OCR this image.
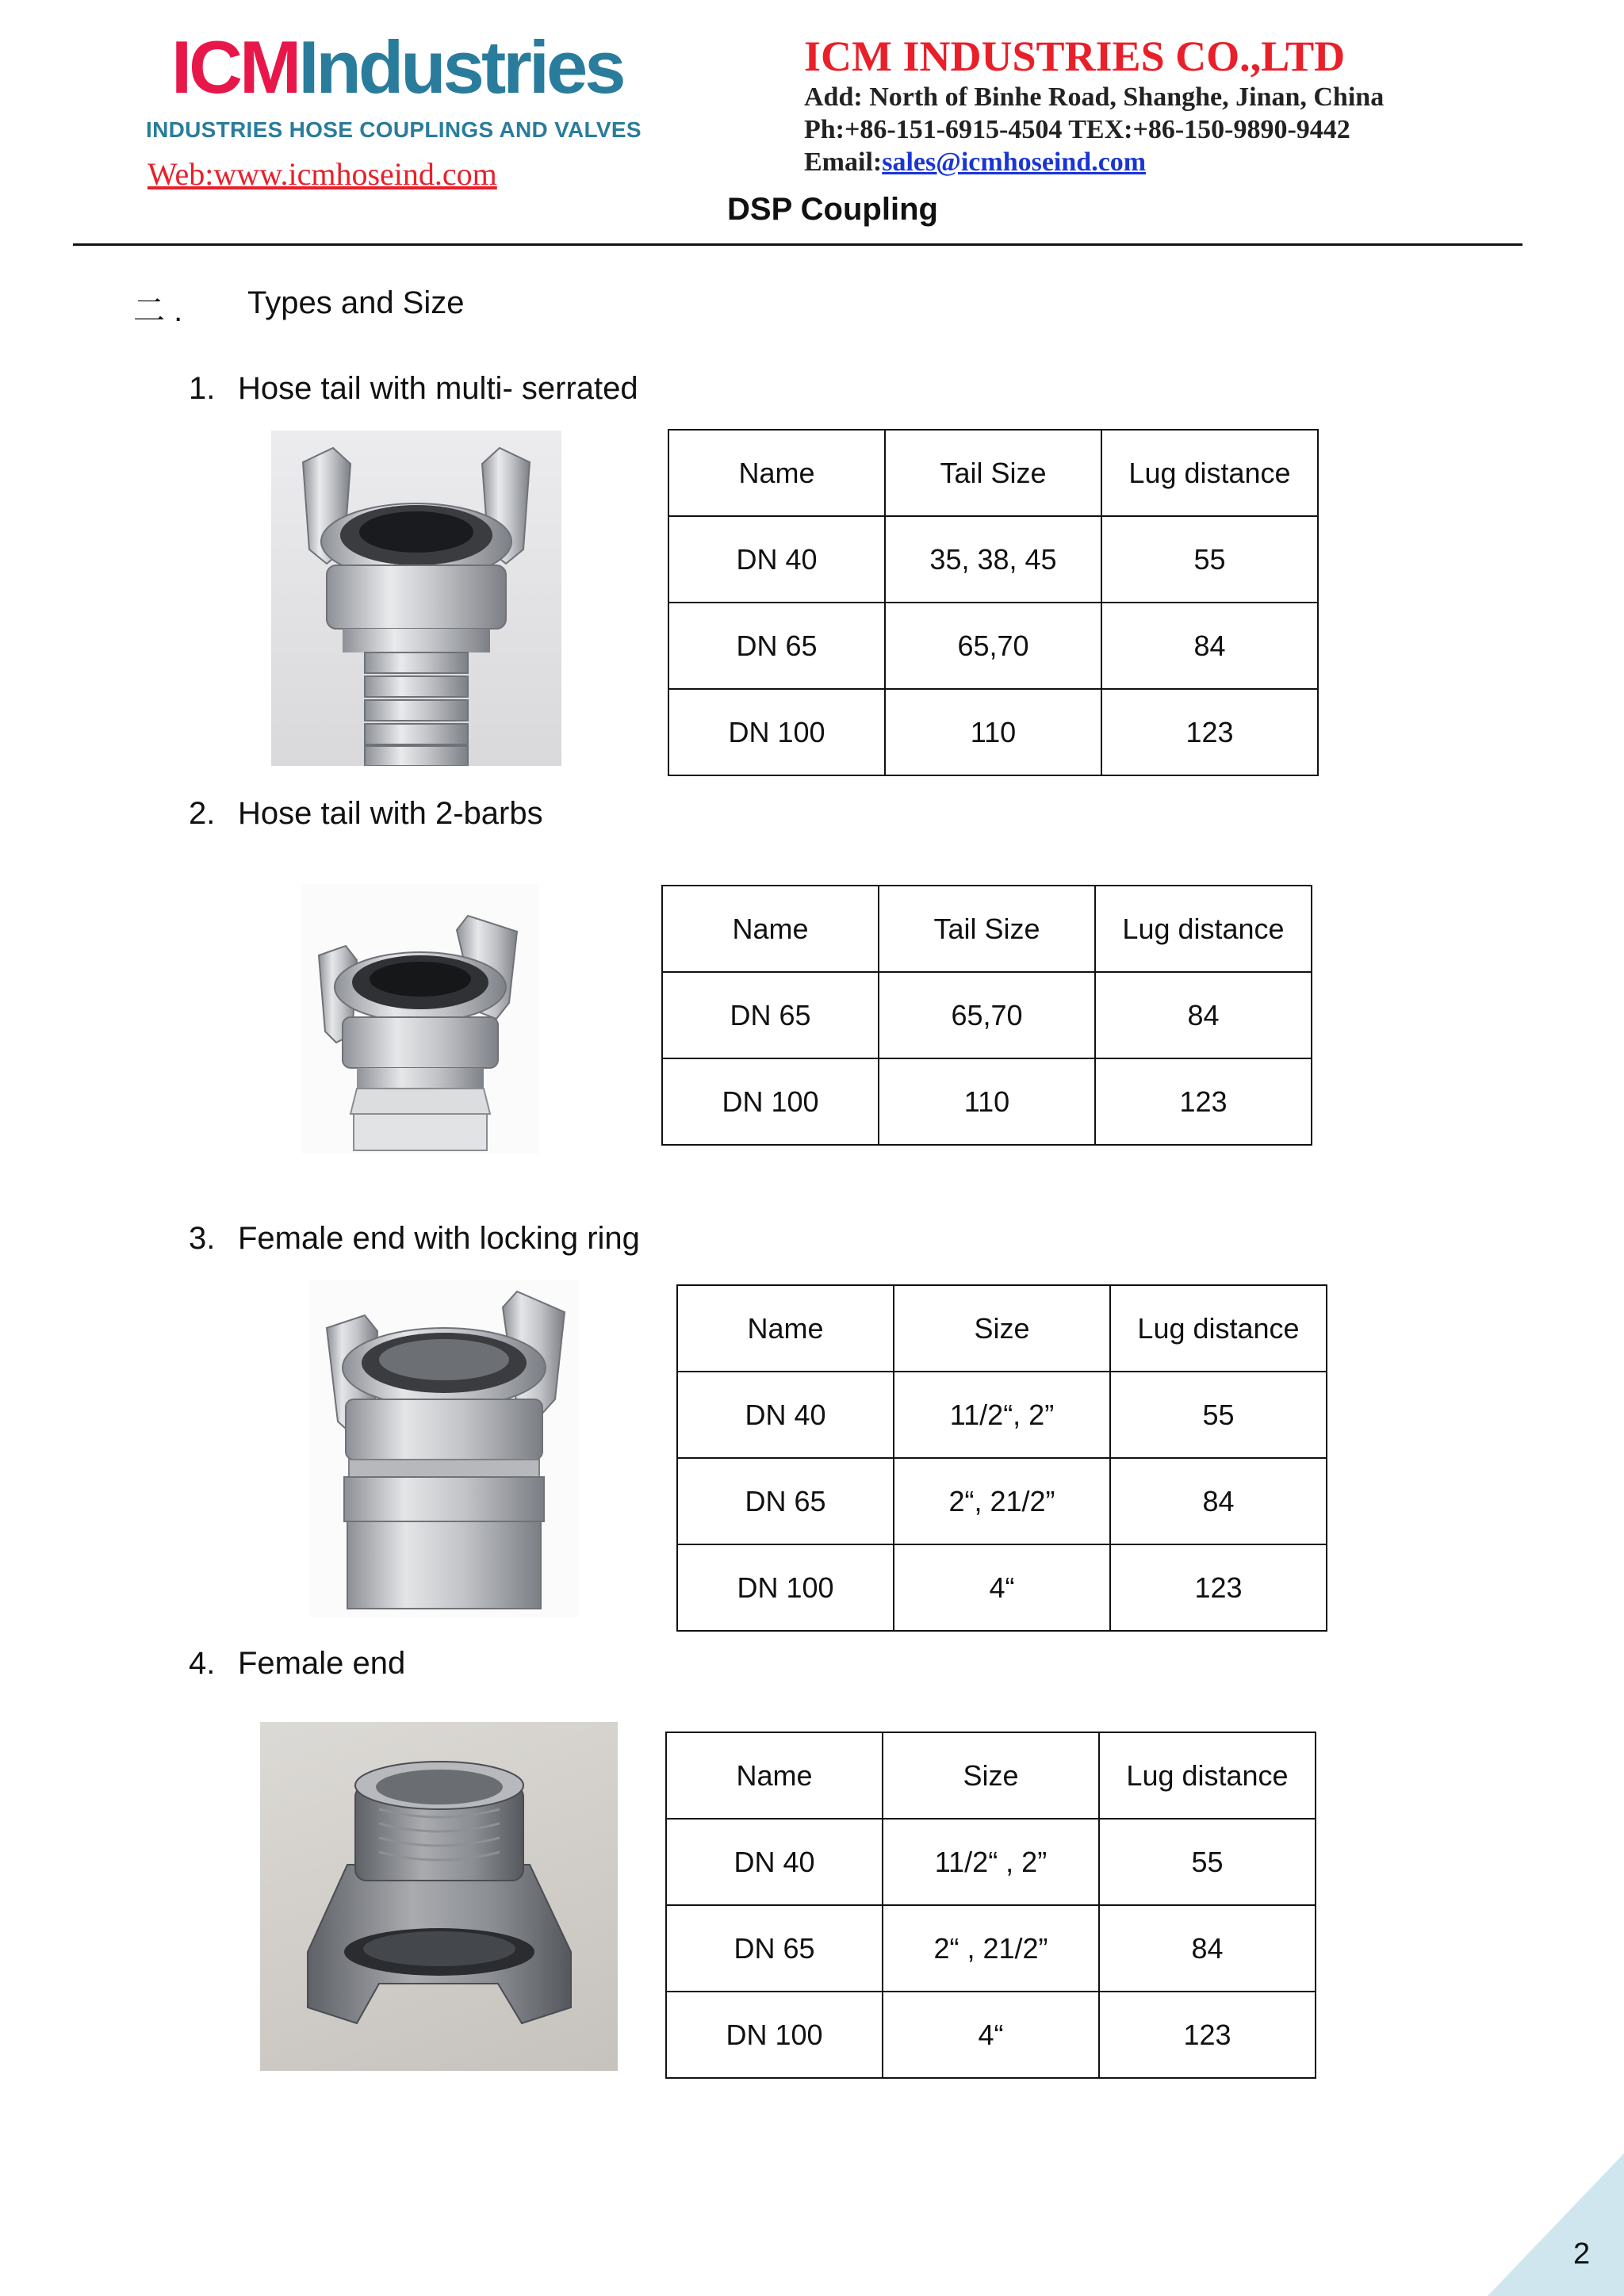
ICMIndustries
INDUSTRIES HOSE COUPLINGS AND VALVES
Web:www.icmhoseind.com
ICM INDUSTRIES CO.,LTD
Add: North of Binhe Road, Shanghe, Jinan, China
Ph:+86-151-6915-4504 TEX:+86-150-9890-9442
Email:sales@icmhoseind.com
DSP Coupling
二 . Types and Size
1. Hose tail with multi- serrated
Name	Tail Size	Lug distance
DN 40	35, 38, 45	55
DN 65	65,70	84
DN 100	110	123
2. Hose tail with 2-barbs
Name	Tail Size	Lug distance
DN 65	65,70	84
DN 100	110	123
3. Female end with locking ring
Name	Size	Lug distance
DN 40	11/2“, 2”	55
DN 65	2“, 21/2”	84
DN 100	4“	123
4. Female end
Name	Size	Lug distance
DN 40	11/2“ , 2”	55
DN 65	2“ , 21/2”	84
DN 100	4“	123
2
